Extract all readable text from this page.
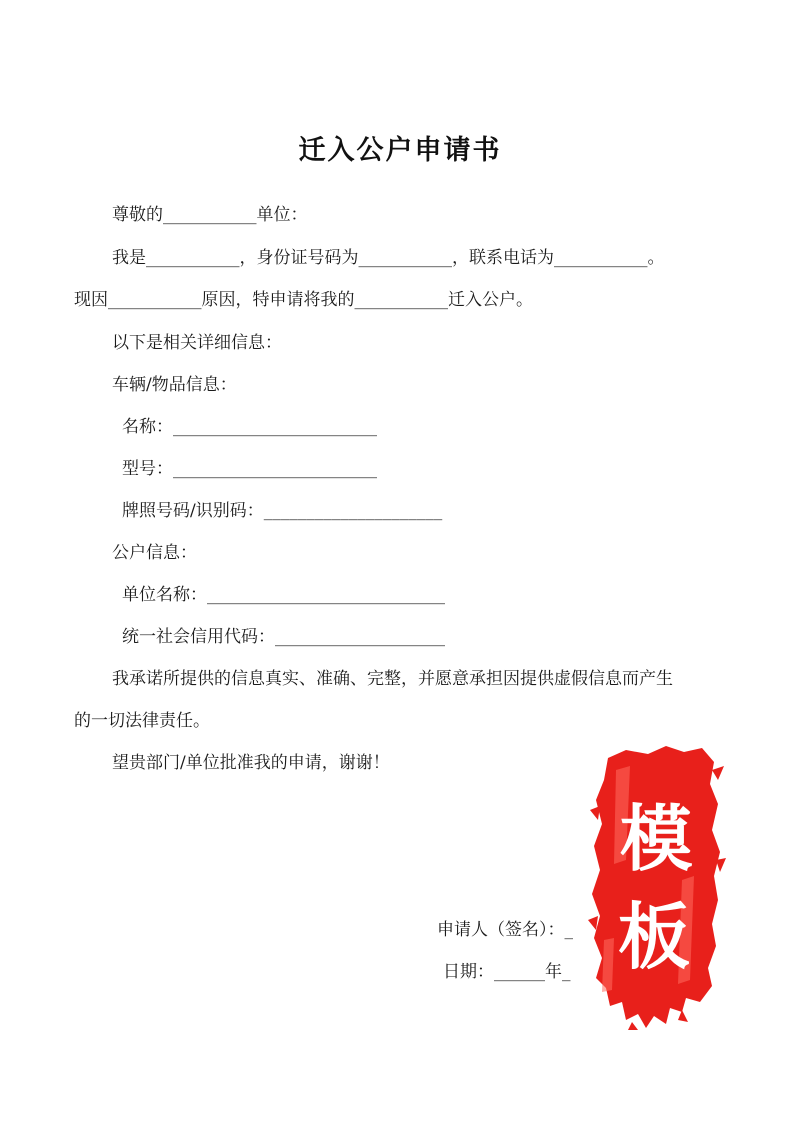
迁入公户申请书
尊敬的___________单位：
我是___________，身份证号码为___________，联系电话为___________。
现因___________原因，特申请将我的___________迁入公户。
以下是相关详细信息：
车辆/物品信息：
名称：________________________
型号：________________________
牌照号码/识别码：_____________________
公户信息：
单位名称：____________________________
统一社会信用代码：____________________
我承诺所提供的信息真实、准确、完整，并愿意承担因提供虚假信息而产生
的一切法律责任。
望贵部门/单位批准我的申请，谢谢！
申请人（签名）：_
日期：______年_
模
板
